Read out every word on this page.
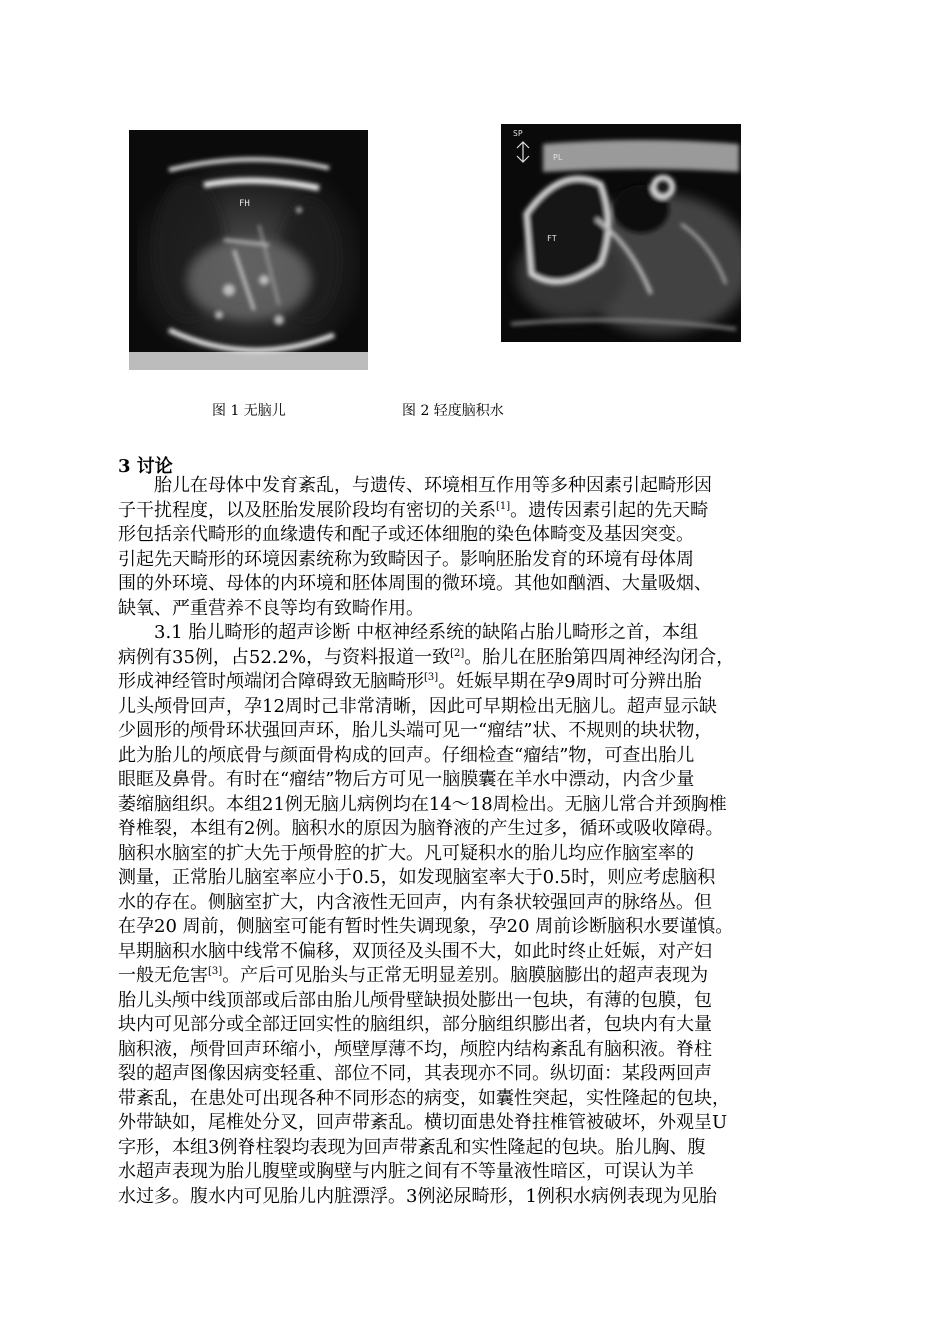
FH
SP
PL
FT
图 1 无脑儿	图 2 轻度脑积水
3 讨论
　　胎儿在母体中发育紊乱，与遗传、环境相互作用等多种因素引起畸形因
子干扰程度，以及胚胎发展阶段均有密切的关系[1]。遗传因素引起的先天畸
形包括亲代畸形的血缘遗传和配子或还体细胞的染色体畸变及基因突变。
引起先天畸形的环境因素统称为致畸因子。影响胚胎发育的环境有母体周
围的外环境、母体的内环境和胚体周围的微环境。其他如酗酒、大量吸烟、
缺氧、严重营养不良等均有致畸作用。
　　3.1 胎儿畸形的超声诊断 中枢神经系统的缺陷占胎儿畸形之首，本组
病例有35例，占52.2%，与资料报道一致[2]。胎儿在胚胎第四周神经沟闭合，
形成神经管时颅端闭合障碍致无脑畸形[3]。妊娠早期在孕9周时可分辨出胎
儿头颅骨回声，孕12周时己非常清晰，因此可早期检出无脑儿。超声显示缺
少圆形的颅骨环状强回声环，胎儿头端可见一“瘤结”状、不规则的块状物，
此为胎儿的颅底骨与颜面骨构成的回声。仔细检查“瘤结”物，可查出胎儿
眼眶及鼻骨。有时在“瘤结”物后方可见一脑膜囊在羊水中漂动，内含少量
萎缩脑组织。本组21例无脑儿病例均在14～18周检出。无脑儿常合并颈胸椎
脊椎裂，本组有2例。脑积水的原因为脑脊液的产生过多，循环或吸收障碍。
脑积水脑室的扩大先于颅骨腔的扩大。凡可疑积水的胎儿均应作脑室率的
测量，正常胎儿脑室率应小于0.5，如发现脑室率大于0.5时，则应考虑脑积
水的存在。侧脑室扩大，内含液性无回声，内有条状较强回声的脉络丛。但
在孕20 周前，侧脑室可能有暂时性失调现象，孕20 周前诊断脑积水要谨慎。
早期脑积水脑中线常不偏移，双顶径及头围不大，如此时终止妊娠，对产妇
一般无危害[3]。产后可见胎头与正常无明显差别。脑膜脑膨出的超声表现为
胎儿头颅中线顶部或后部由胎儿颅骨壁缺损处膨出一包块，有薄的包膜，包
块内可见部分或全部迂回实性的脑组织，部分脑组织膨出者，包块内有大量
脑积液，颅骨回声环缩小，颅壁厚薄不均，颅腔内结构紊乱有脑积液。脊柱
裂的超声图像因病变轻重、部位不同，其表现亦不同。纵切面：某段两回声
带紊乱，在患处可出现各种不同形态的病变，如囊性突起，实性隆起的包块，
外带缺如，尾椎处分叉，回声带紊乱。横切面患处脊拄椎管被破坏，外观呈U
字形，本组3例脊柱裂均表现为回声带紊乱和实性隆起的包块。胎儿胸、腹
水超声表现为胎儿腹壁或胸壁与内脏之间有不等量液性暗区，可误认为羊
水过多。腹水内可见胎儿内脏漂浮。3例泌尿畸形，1例积水病例表现为见胎
